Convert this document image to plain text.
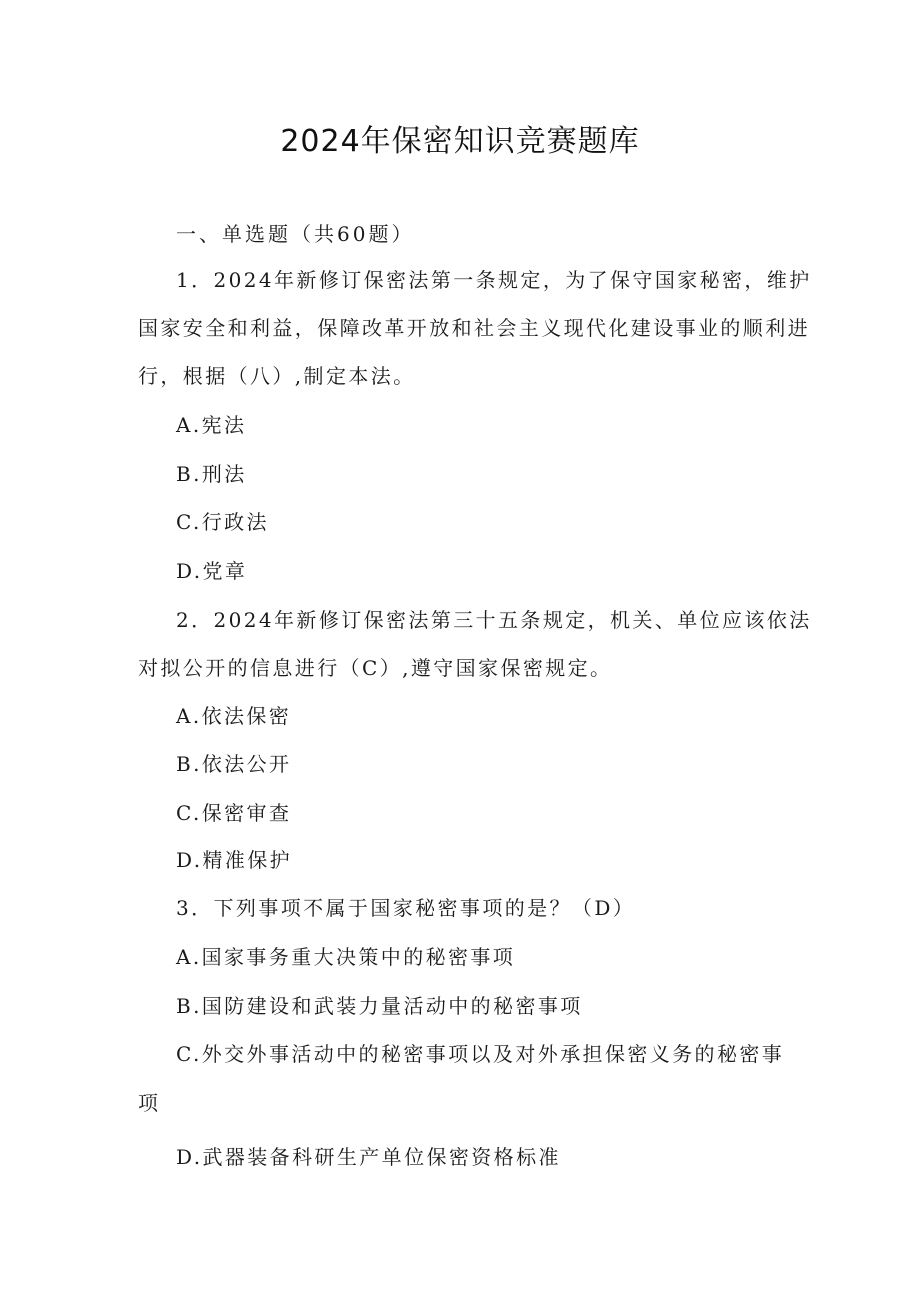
2024年保密知识竞赛题库
一、单选题（共60题）
1．2024年新修订保密法第一条规定，为了保守国家秘密，维护
国家安全和利益，保障改革开放和社会主义现代化建设事业的顺利进
行，根据（八）,制定本法。
A.宪法
B.刑法
C.行政法
D.党章
2．2024年新修订保密法第三十五条规定，机关、单位应该依法
对拟公开的信息进行（C）,遵守国家保密规定。
A.依法保密
B.依法公开
C.保密审查
D.精准保护
3．下列事项不属于国家秘密事项的是？（D）
A.国家事务重大决策中的秘密事项
B.国防建设和武装力量活动中的秘密事项
C.外交外事活动中的秘密事项以及对外承担保密义务的秘密事
项
D.武器装备科研生产单位保密资格标准
